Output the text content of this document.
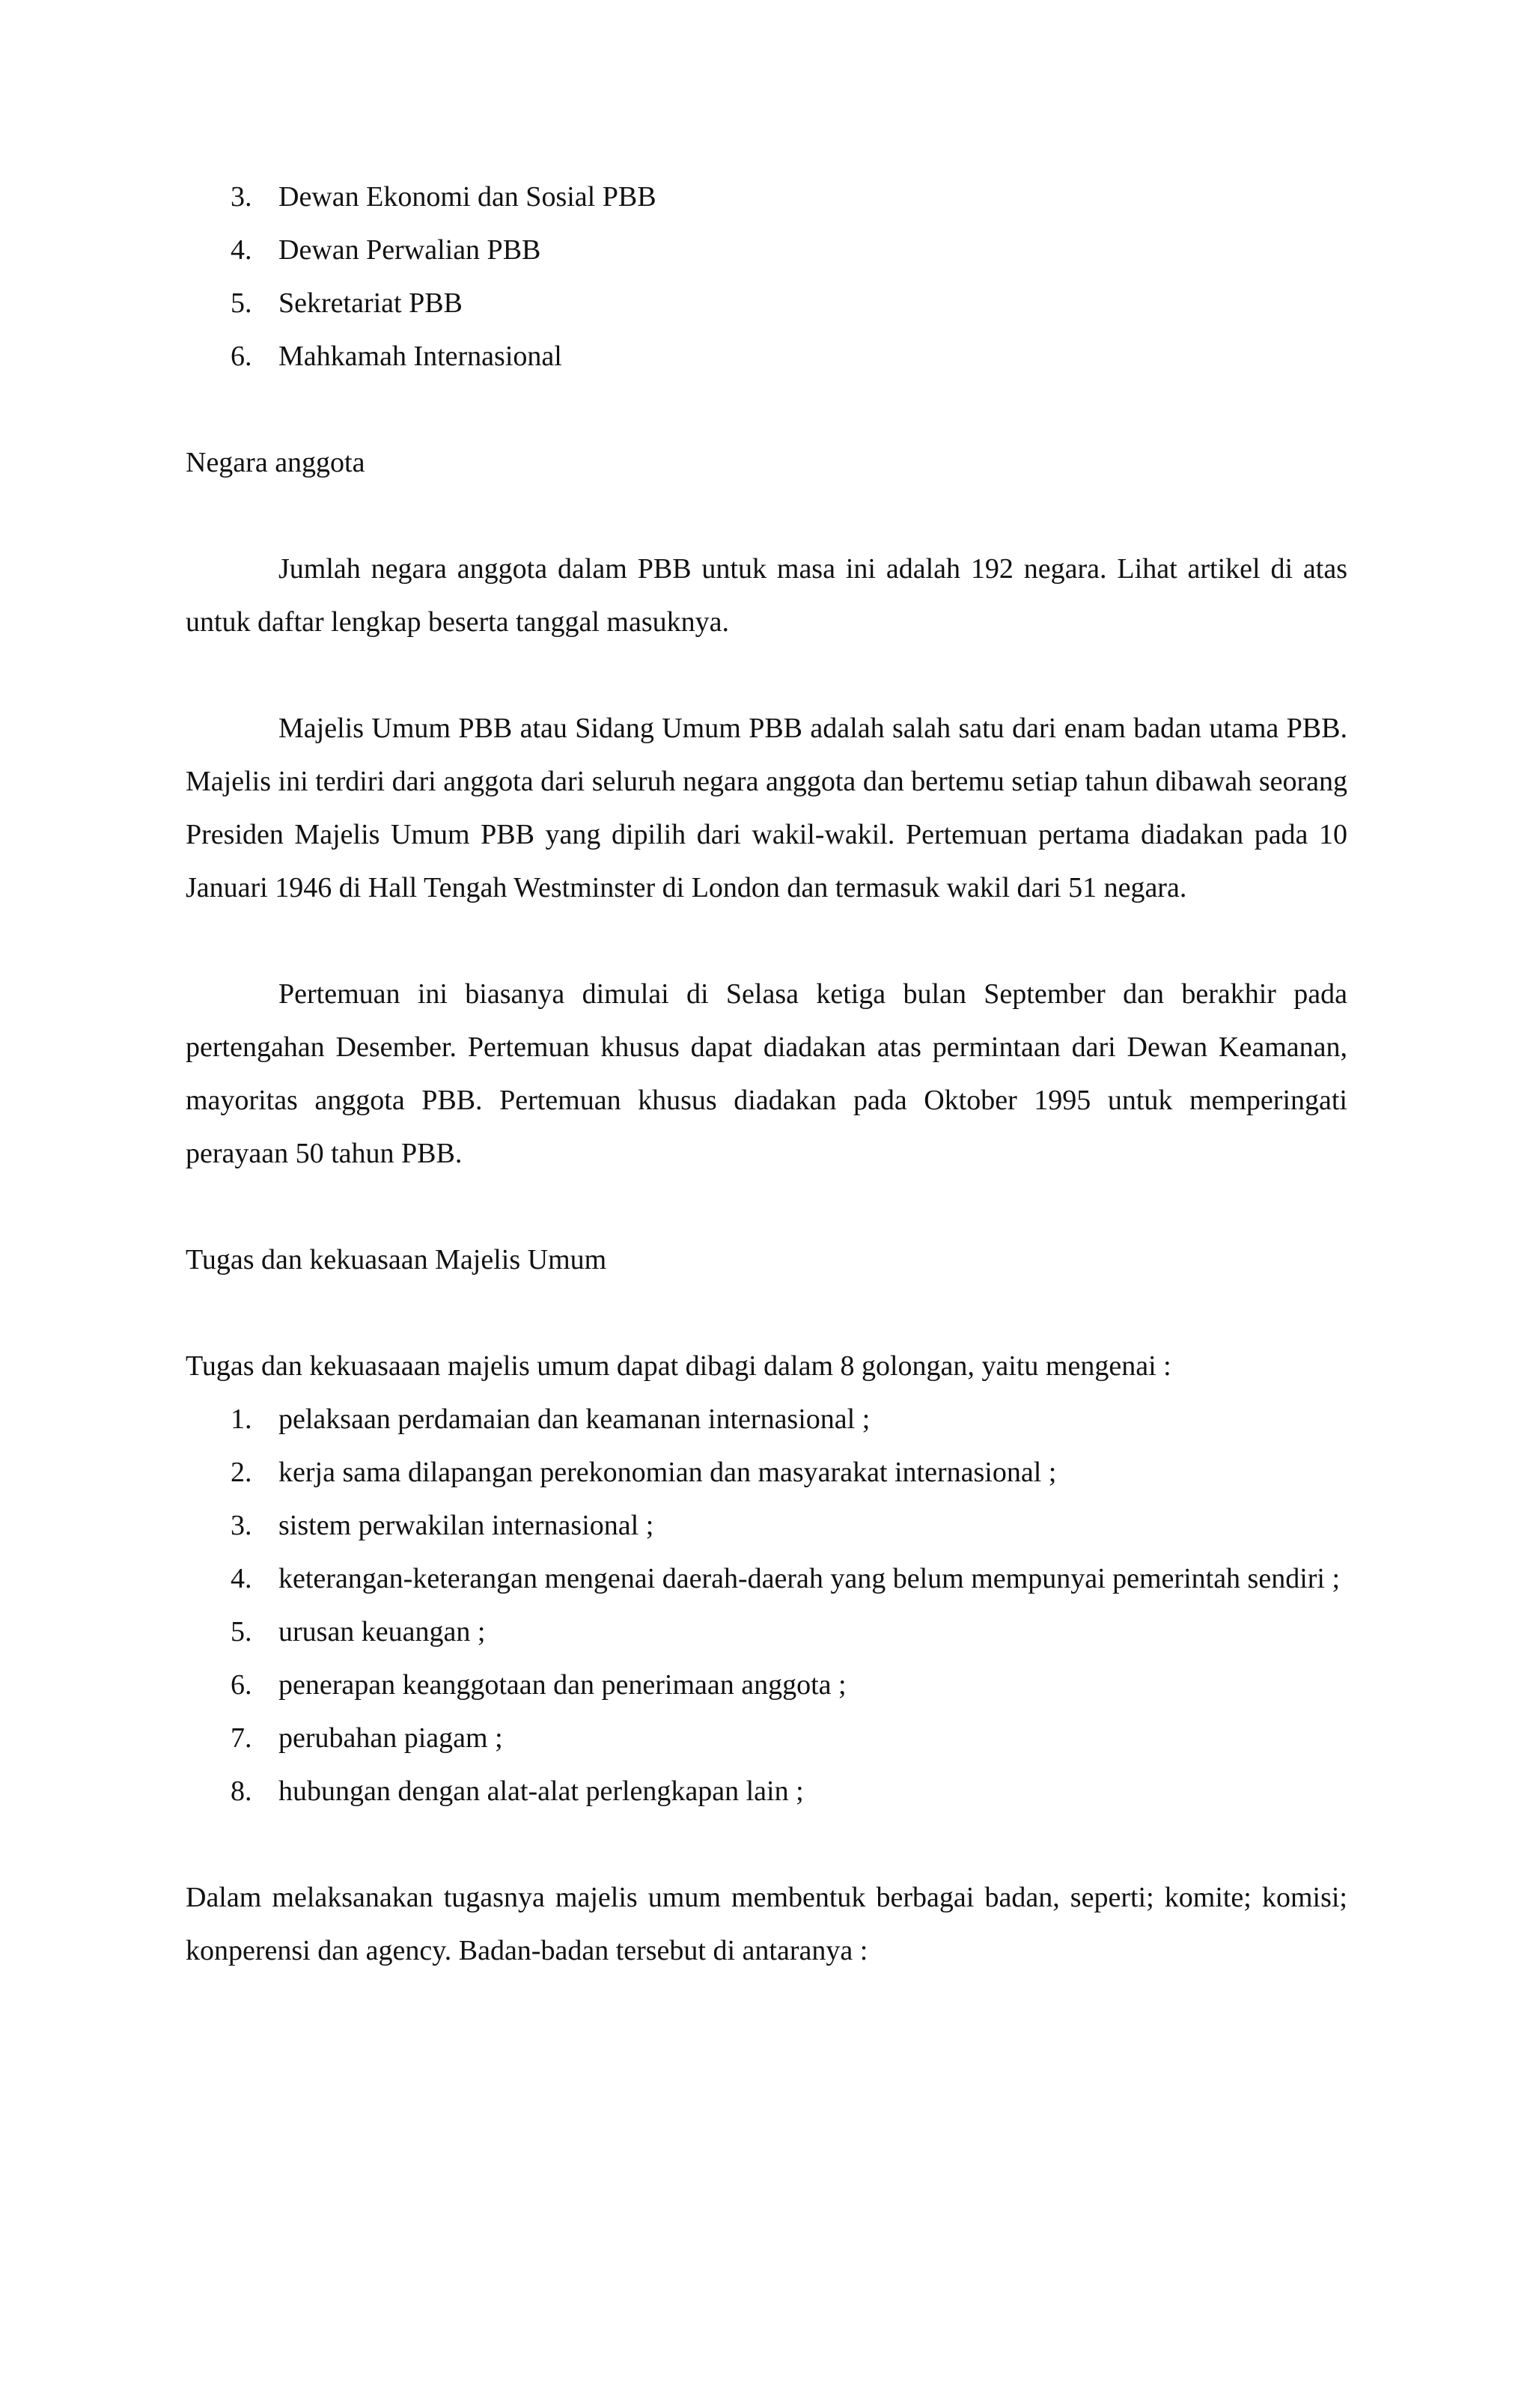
3. Dewan Ekonomi dan Sosial PBB
4. Dewan Perwalian PBB
5. Sekretariat PBB
6. Mahkamah Internasional

Negara anggota

Jumlah negara anggota dalam PBB untuk masa ini adalah 192 negara. Lihat artikel di atas untuk daftar lengkap beserta tanggal masuknya.

Majelis Umum PBB atau Sidang Umum PBB adalah salah satu dari enam badan utama PBB. Majelis ini terdiri dari anggota dari seluruh negara anggota dan bertemu setiap tahun dibawah seorang Presiden Majelis Umum PBB yang dipilih dari wakil-wakil. Pertemuan pertama diadakan pada 10 Januari 1946 di Hall Tengah Westminster di London dan termasuk wakil dari 51 negara.

Pertemuan ini biasanya dimulai di Selasa ketiga bulan September dan berakhir pada pertengahan Desember. Pertemuan khusus dapat diadakan atas permintaan dari Dewan Keamanan, mayoritas anggota PBB. Pertemuan khusus diadakan pada Oktober 1995 untuk memperingati perayaan 50 tahun PBB.

Tugas dan kekuasaan Majelis Umum

Tugas dan kekuasaaan majelis umum dapat dibagi dalam 8 golongan, yaitu mengenai :

1. pelaksaan perdamaian dan keamanan internasional ;
2. kerja sama dilapangan perekonomian dan masyarakat internasional ;
3. sistem perwakilan internasional ;
4. keterangan-keterangan mengenai daerah-daerah yang belum mempunyai pemerintah sendiri ;
5. urusan keuangan ;
6. penerapan keanggotaan dan penerimaan anggota ;
7. perubahan piagam ;
8. hubungan dengan alat-alat perlengkapan lain ;

Dalam melaksanakan tugasnya majelis umum membentuk berbagai badan, seperti; komite; komisi; konperensi dan agency. Badan-badan tersebut di antaranya :
